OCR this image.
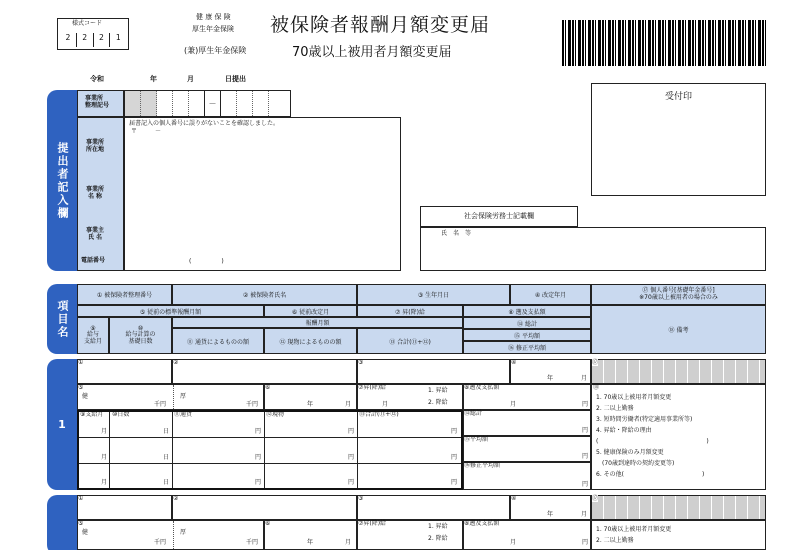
様式コード
2	2	2	1
健 康 保 険
厚生年金保険 被保険者報酬月額変更届
(兼)厚生年金保険	70歳以上被用者月額変更届
令和	年	月	日提出
受付印
提出者記入欄
事業所
整理記号	－
事業所
所在地
事業所
名 称
事業主
氏 名
電話番号
届書記入の個人番号に誤りがないことを確認しました。
〒　　　－
(　　　　　)
社会保険労務士記載欄
氏　名　等
項目名
① 被保険者整理番号	② 被保険者氏名	③ 生年月日	④ 改定年月
⑰ 個人番号[基礎年金番号]
※70歳以上被用者の場合のみ
⑤ 従前の標準報酬月額	⑥ 従前改定月	⑦ 昇(降)給	⑧ 遡及支払額
⑨
給与
支給月
⑩
給与計算の
基礎日数
報酬月額
⑪ 通貨によるものの額	⑫ 現物によるものの額	⑬ 合計(⑪+⑫)
⑭ 総計
⑮ 平均額
⑯ 修正平均額
⑱ 備考
1
①	②	③	④
年	月
⑰
⑤
健
千円
厚
千円
⑥
年	月
⑦昇(降)給	1. 昇給
2. 降給
月
⑧遡及支払額
月	円
⑱
1. 70歳以上被用者月額変更
2. 二以上勤務
3. 短時間労働者(特定適用事業所等)
4. 昇給・降給の理由
(　　　　　　　　　　　　　　　　　　)
5. 健康保険のみ月額変更
　(70歳到達時の契約変更等)
6. その他(　　　　　　　　　　　　　)
⑨支給月 ⑩日数	⑪通貨	⑫現物	⑬合計(⑪+⑫)
月	日	円	円	円
月	日	円	円	円
月	日	円	円	円
⑭総計
円
⑮平均額
円
⑯修正平均額
円
①	②	③	④
年	月
⑰
⑤
健
千円
厚
千円
⑥
年	月
⑦昇(降)給	1. 昇給
2. 降給
⑧遡及支払額
月	円
1. 70歳以上被用者月額変更
2. 二以上勤務
